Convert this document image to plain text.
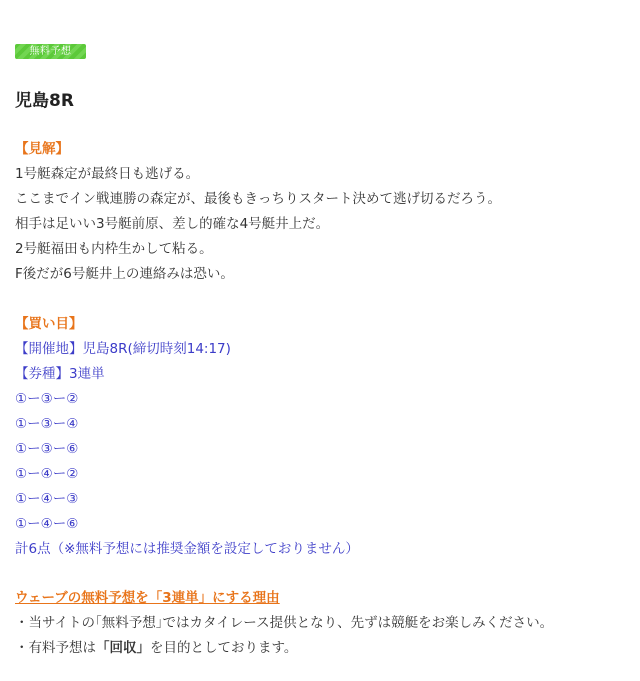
無料予想
児島8R
【見解】
1号艇森定が最終日も逃げる。
ここまでイン戦連勝の森定が、最後もきっちりスタート決めて逃げ切るだろう。
相手は足いい3号艇前原、差し的確な4号艇井上だ。
2号艇福田も内枠生かして粘る。
F後だが6号艇井上の連絡みは恐い。
【買い目】
【開催地】児島8R(締切時刻14:17)
【券種】3連単
①ー③ー②
①ー③ー④
①ー③ー⑥
①ー④ー②
①ー④ー③
①ー④ー⑥
計6点（※無料予想には推奨金額を設定しておりません）
ウェーブの無料予想を「3連単」にする理由
・当サイトの｢無料予想｣ではカタイレース提供となり、先ずは競艇をお楽しみください。
・有料予想は「回収」を目的としております。
